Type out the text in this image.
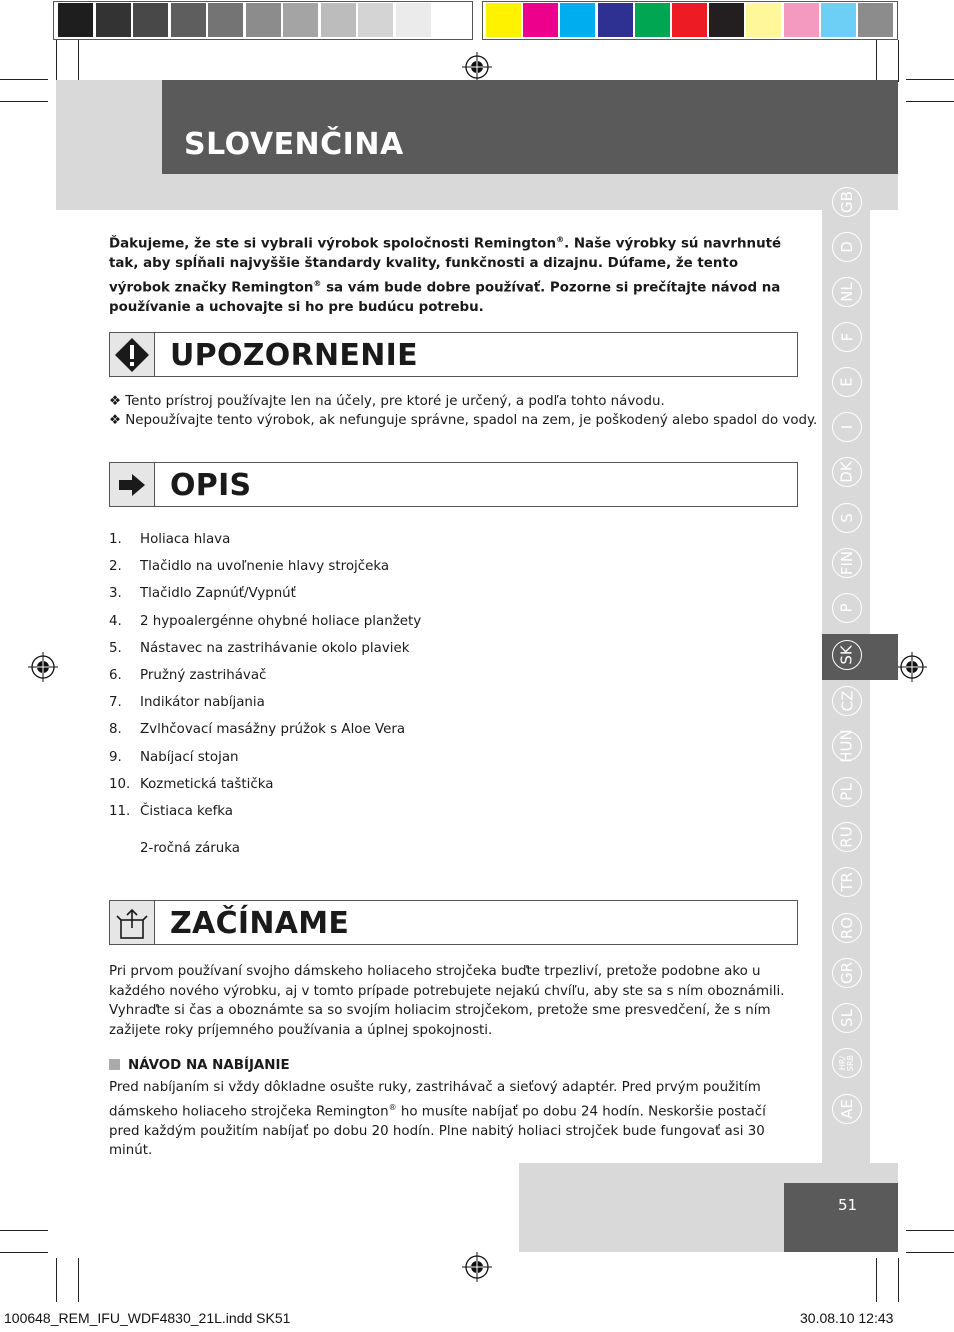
SLOVENČINA
GB
D
NL
F
E
I
DK
S
FIN
P
SK
CZ
HUN
PL
RU
TR
RO
GR
SL
HR/
SRB
AE
Ďakujeme, že ste si vybrali výrobok spoločnosti Remington®. Naše výrobky sú navrhnuté tak, aby spĺňali najvyššie štandardy kvality, funkčnosti a dizajnu. Dúfame, že tento výrobok značky Remington® sa vám bude dobre používať. Pozorne si prečítajte návod na používanie a uchovajte si ho pre budúcu potrebu.
UPOZORNENIE
❖ Tento prístroj používajte len na účely, pre ktoré je určený, a podľa tohto návodu.
❖ Nepoužívajte tento výrobok, ak nefunguje správne, spadol na zem, je poškodený alebo spadol do vody.
OPIS
1. Holiaca hlava
2. Tlačidlo na uvoľnenie hlavy strojčeka
3. Tlačidlo Zapnúť/Vypnúť
4. 2 hypoalergénne ohybné holiace planžety
5. Nástavec na zastrihávanie okolo plaviek
6. Pružný zastrihávač
7. Indikátor nabíjania
8. Zvlhčovací masážny prúžok s Aloe Vera
9. Nabíjací stojan
10. Kozmetická taštička
11. Čistiaca kefka
2-ročná záruka
ZAČÍNAME
Pri prvom používaní svojho dámskeho holiaceho strojčeka buďte trpezliví, pretože podobne ako u každého nového výrobku, aj v tomto prípade potrebujete nejakú chvíľu, aby ste sa s ním oboznámili. Vyhraďte si čas a oboznámte sa so svojím holiacim strojčekom, pretože sme presvedčení, že s ním zažijete roky príjemného používania a úplnej spokojnosti.
NÁVOD NA NABÍJANIE
Pred nabíjaním si vždy dôkladne osušte ruky, zastrihávač a sieťový adaptér. Pred prvým použitím dámskeho holiaceho strojčeka Remington® ho musíte nabíjať po dobu 24 hodín. Neskoršie postačí pred každým použitím nabíjať po dobu 20 hodín. Plne nabitý holiaci strojček bude fungovať asi 30 minút.
51
100648_REM_IFU_WDF4830_21L.indd SK51	30.08.10 12:43
